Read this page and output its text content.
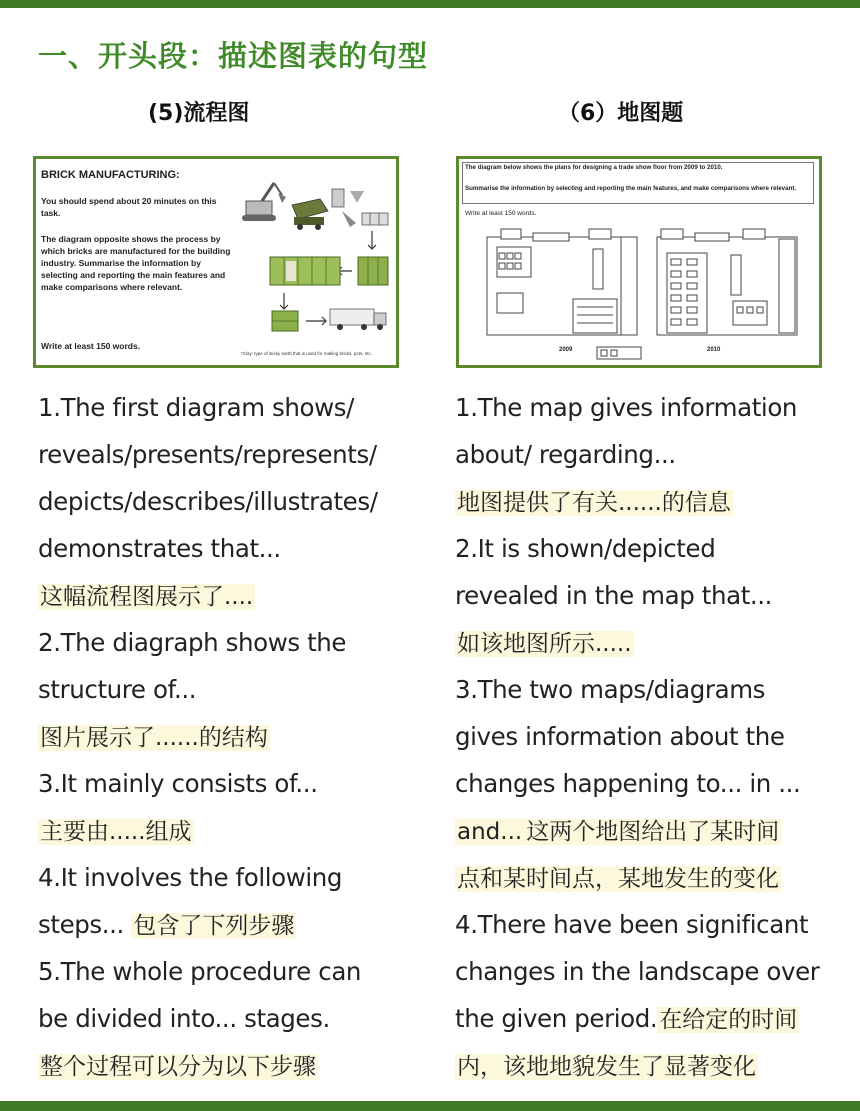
一、开头段：描述图表的句型
(5)流程图	（6）地图题
BRICK MANUFACTURING:
You should spend about 20 minutes on this task.
The diagram opposite shows the process by which bricks are manufactured for the building industry. Summarise the information by selecting and reporting the main features and make comparisons where relevant.
Write at least 150 words.
*Clay: type of sticky earth that is used for making bricks, pots, etc.
The diagram below shows the plans for designing a trade show floor from 2009 to 2010.
Summarise the information by selecting and reporting the main features, and make comparisons where relevant.
Write at least 150 words.
2009	2010
1.The first diagram shows/
reveals/presents/represents/
depicts/describes/illustrates/
demonstrates that...
这幅流程图展示了....
2.The diagraph shows the
structure of...
图片展示了......的结构
3.It mainly consists of...
主要由.....组成
4.It involves the following
steps... 包含了下列步骤
5.The whole procedure can
be divided into... stages.
整个过程可以分为以下步骤
1.The map gives information
about/ regarding...
地图提供了有关......的信息
2.It is shown/depicted
revealed in the map that...
如该地图所示.....
3.The two maps/diagrams
gives information about the
changes happening to... in ...
and... 这两个地图给出了某时间
点和某时间点，某地发生的变化
4.There have been significant
changes in the landscape over
the given period.在给定的时间
内，该地地貌发生了显著变化
